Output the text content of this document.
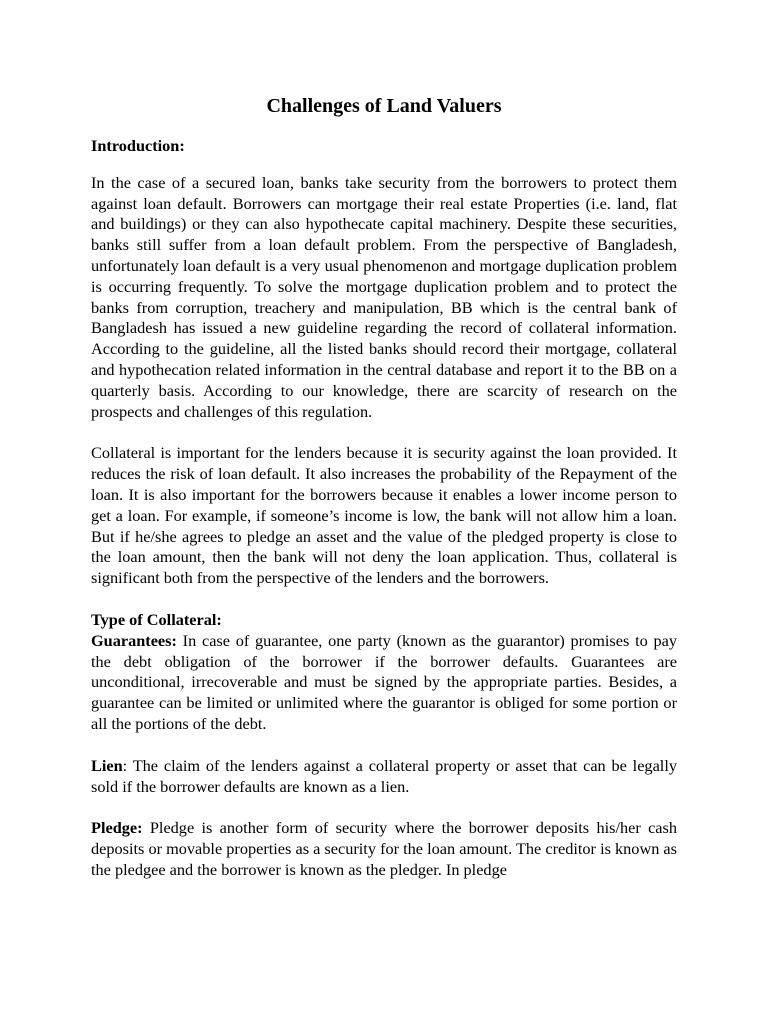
Challenges of Land Valuers
Introduction:

In the case of a secured loan, banks take security from the borrowers to protect them against loan default. Borrowers can mortgage their real estate Properties (i.e. land, flat and buildings) or they can also hypothecate capital machinery. Despite these securities, banks still suffer from a loan default problem. From the perspective of Bangladesh, unfortunately loan default is a very usual phenomenon and mortgage duplication problem is occurring frequently. To solve the mortgage duplication problem and to protect the banks from corruption, treachery and manipulation, BB which is the central bank of Bangladesh has issued a new guideline regarding the record of collateral information. According to the guideline, all the listed banks should record their mortgage, collateral and hypothecation related information in the central database and report it to the BB on a quarterly basis. According to our knowledge, there are scarcity of research on the prospects and challenges of this regulation.

Collateral is important for the lenders because it is security against the loan provided. It reduces the risk of loan default. It also increases the probability of the Repayment of the loan. It is also important for the borrowers because it enables a lower income person to get a loan. For example, if someone’s income is low, the bank will not allow him a loan. But if he/she agrees to pledge an asset and the value of the pledged property is close to the loan amount, then the bank will not deny the loan application. Thus, collateral is significant both from the perspective of the lenders and the borrowers.

Type of Collateral:

Guarantees: In case of guarantee, one party (known as the guarantor) promises to pay the debt obligation of the borrower if the borrower defaults. Guarantees are unconditional, irrecoverable and must be signed by the appropriate parties. Besides, a guarantee can be limited or unlimited where the guarantor is obliged for some portion or all the portions of the debt.

Lien: The claim of the lenders against a collateral property or asset that can be legally sold if the borrower defaults are known as a lien.

Pledge: Pledge is another form of security where the borrower deposits his/her cash deposits or movable properties as a security for the loan amount. The creditor is known as the pledgee and the borrower is known as the pledger. In pledge
